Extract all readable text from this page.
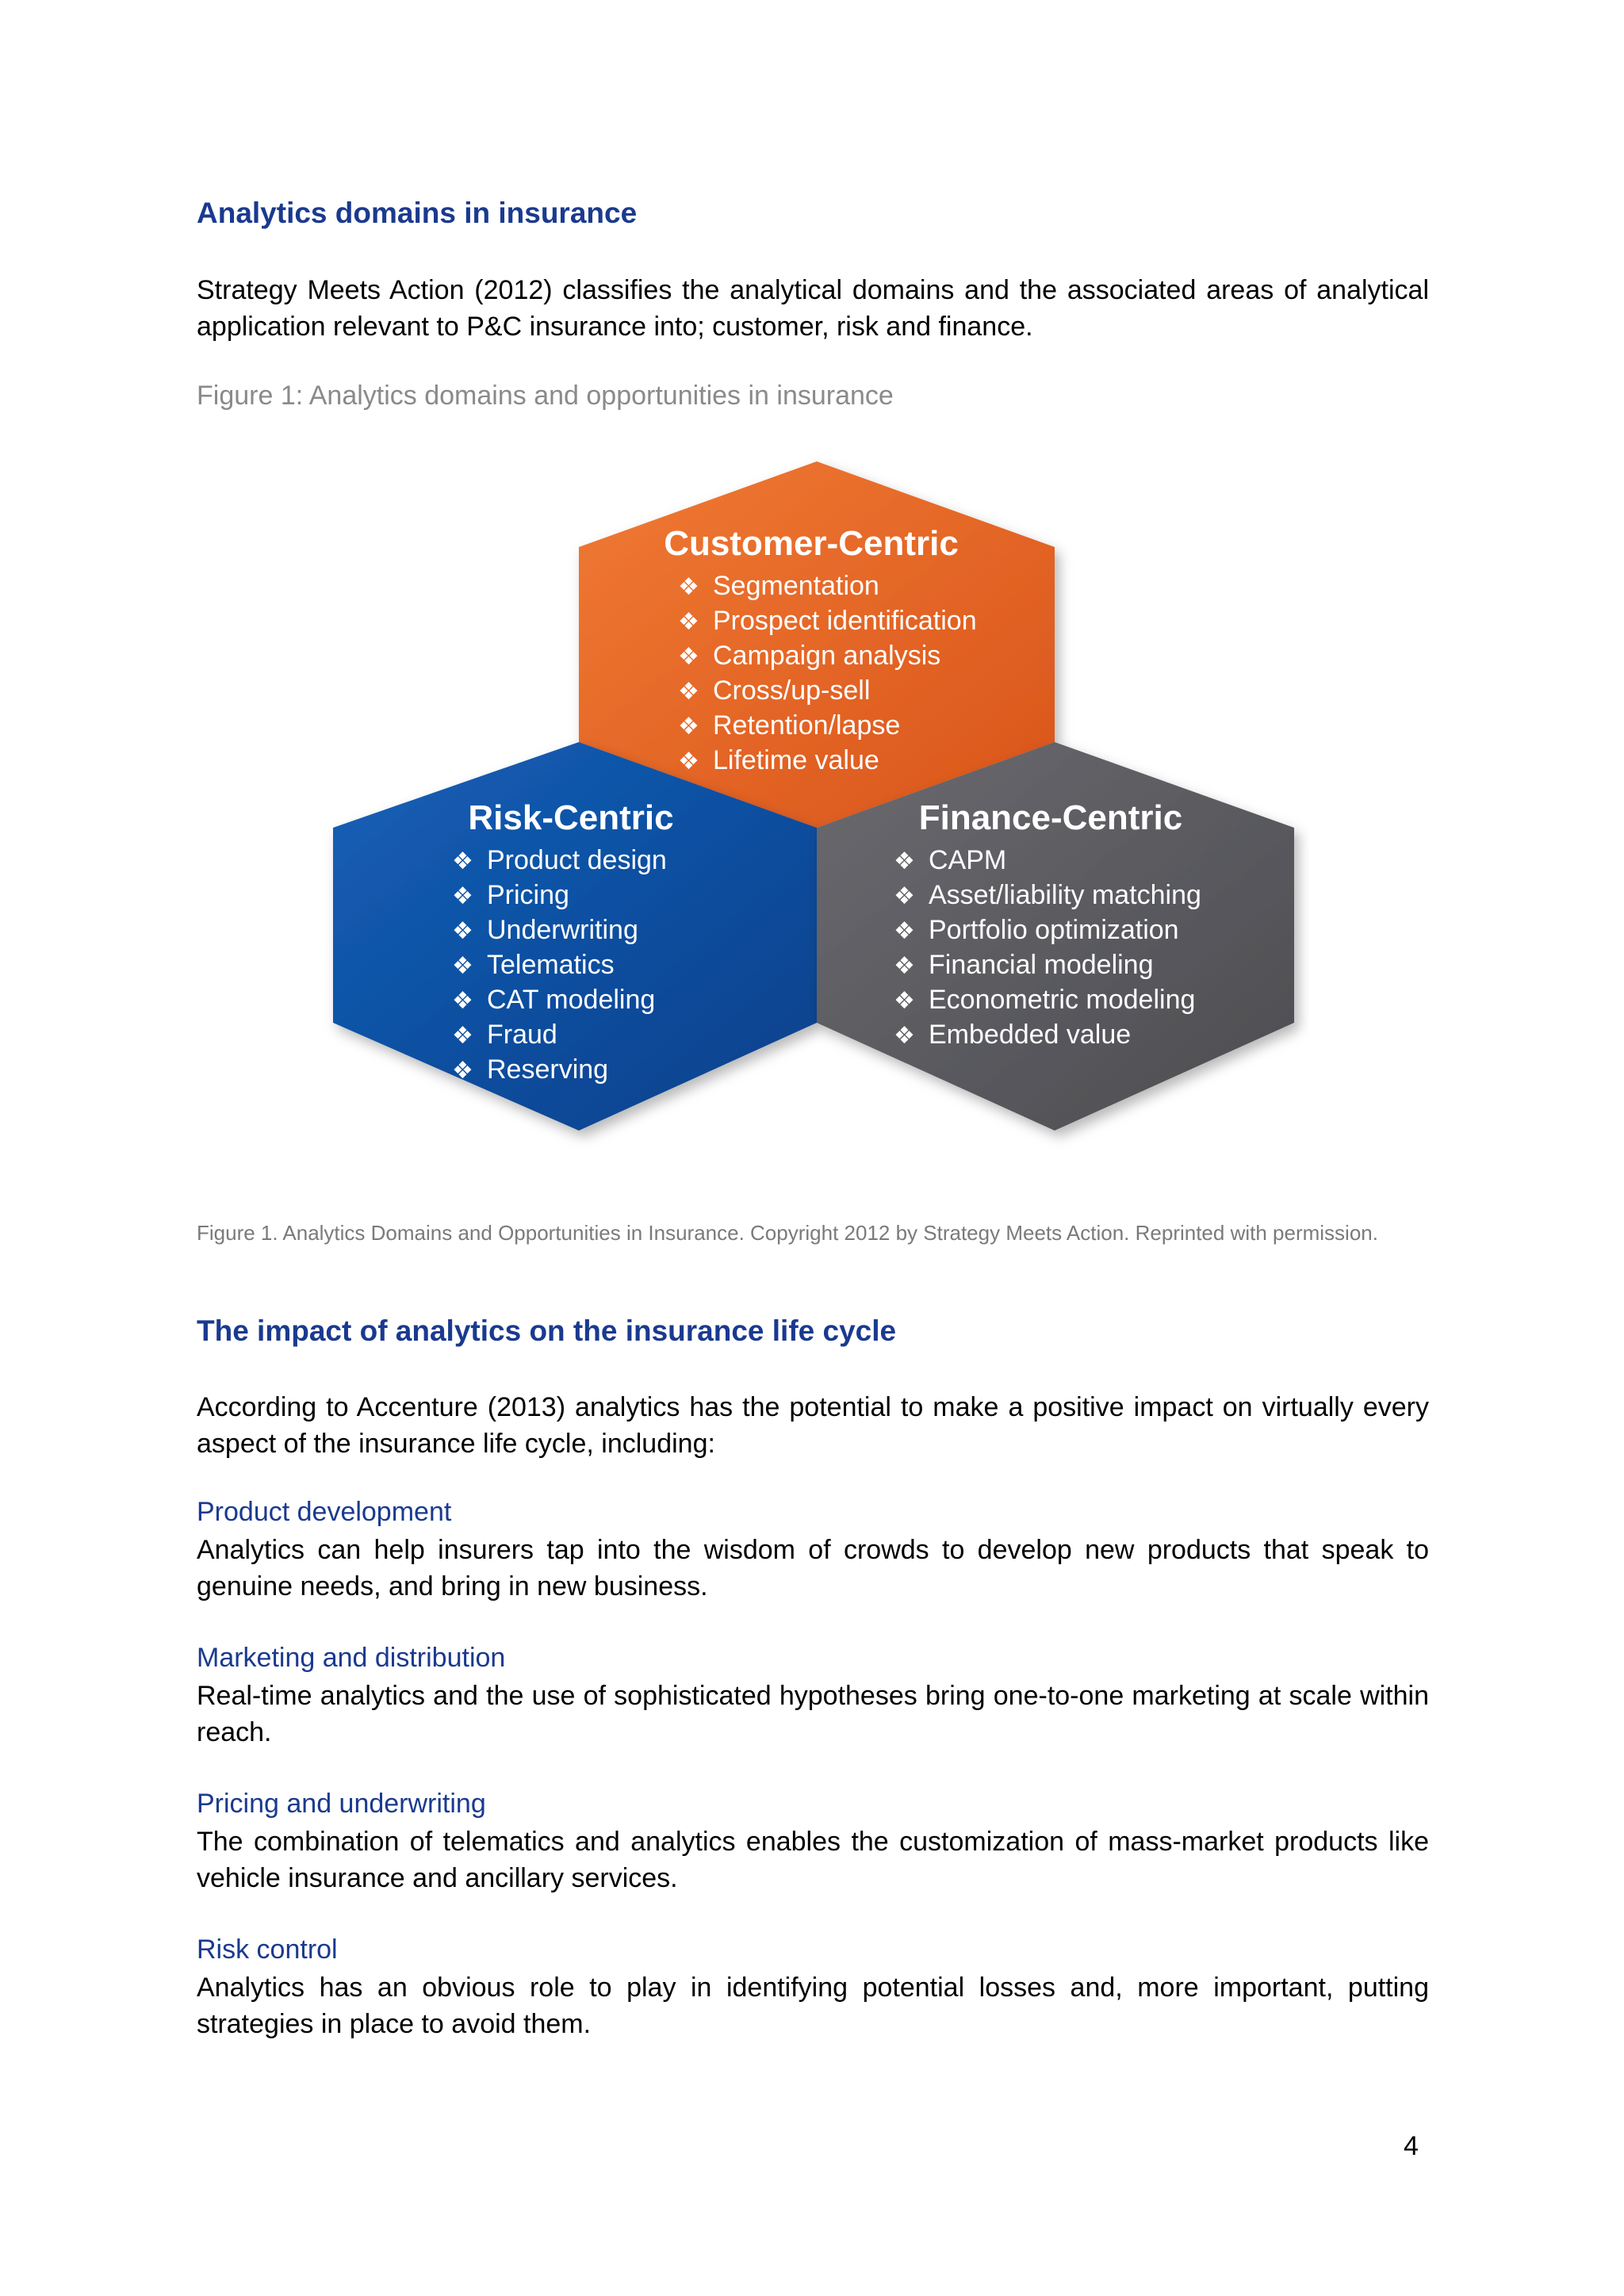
Analytics domains in insurance

Strategy Meets Action (2012) classifies the analytical domains and the associated areas of analytical application relevant to P&C insurance into; customer, risk and finance.

Figure 1: Analytics domains and opportunities in insurance

Customer-Centric
❖ Segmentation
❖ Prospect identification
❖ Campaign analysis
❖ Cross/up-sell
❖ Retention/lapse
❖ Lifetime value
Risk-Centric
❖ Product design
❖ Pricing
❖ Underwriting
❖ Telematics
❖ CAT modeling
❖ Fraud
❖ Reserving
Finance-Centric
❖ CAPM
❖ Asset/liability matching
❖ Portfolio optimization
❖ Financial modeling
❖ Econometric modeling
❖ Embedded value

Figure 1. Analytics Domains and Opportunities in Insurance. Copyright 2012 by Strategy Meets Action. Reprinted with permission.

The impact of analytics on the insurance life cycle

According to Accenture (2013) analytics has the potential to make a positive impact on virtually every aspect of the insurance life cycle, including:

Product development

Analytics can help insurers tap into the wisdom of crowds to develop new products that speak to genuine needs, and bring in new business.

Marketing and distribution

Real-time analytics and the use of sophisticated hypotheses bring one-to-one marketing at scale within reach.

Pricing and underwriting

The combination of telematics and analytics enables the customization of mass-market products like vehicle insurance and ancillary services.

Risk control

Analytics has an obvious role to play in identifying potential losses and, more important, putting strategies in place to avoid them.

4
